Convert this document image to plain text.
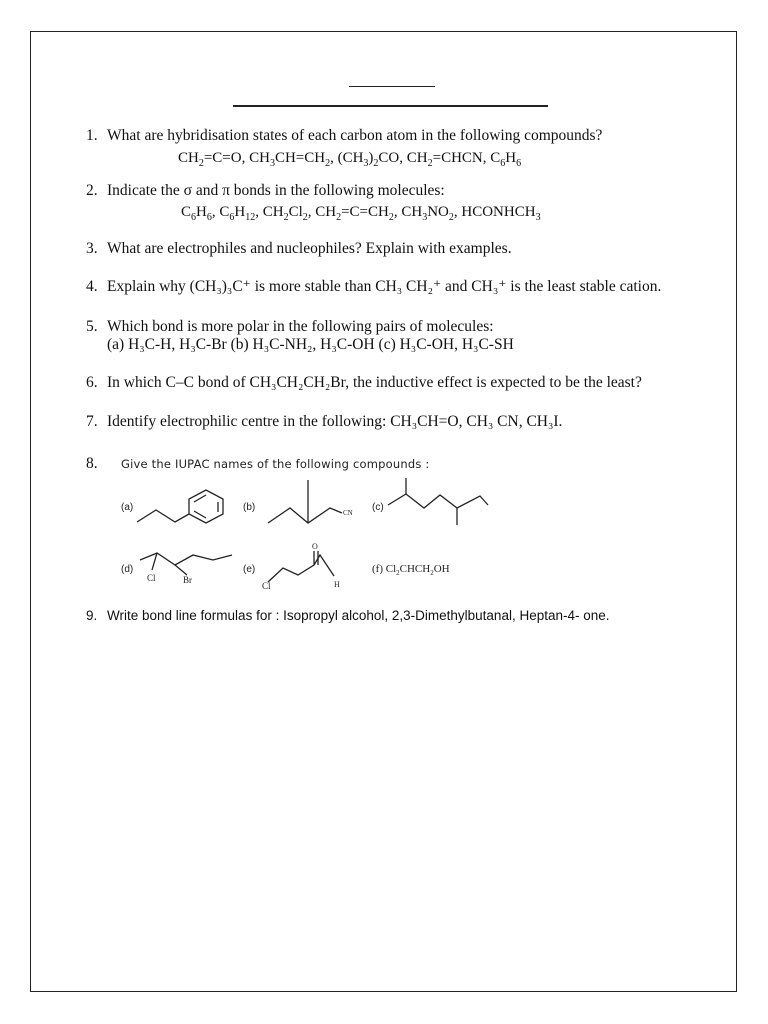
1. What are hybridisation states of each carbon atom in the following compounds?
$CH_2=C=O$, $CH_3CH=CH_2$, $(CH_3)_2CO$, $CH_2=CHCN$, $C_6H_6$
2. Indicate the σ and π bonds in the following molecules:
$C_6H_6$, $C_6H_{12}$, $CH_2Cl_2$, $CH_2=C=CH_2$, $CH_3NO_2$, $HCONHCH_3$
3. What are electrophiles and nucleophiles? Explain with examples.
4. Explain why (CH₃)₃C⁺ is more stable than CH₃ CH₂⁺ and CH₃⁺ is the least stable cation.
5. Which bond is more polar in the following pairs of molecules:
(a) H₃C-H, H₃C-Br (b) H₃C-NH₂, H₃C-OH (c) H₃C-OH, H₃C-SH
6. In which C–C bond of CH₃CH₂CH₂Br, the inductive effect is expected to be the least?
7. Identify electrophilic centre in the following: CH₃CH=O, CH₃ CN, CH₃I.
8. Give the IUPAC names of the following compounds :
CN
Cl	Br
Cl
O
H
(a)	(b)	(c)
(d)	(e)	(f) $Cl_2CHCH_2OH$
9. Write bond line formulas for : Isopropyl alcohol, 2,3-Dimethylbutanal, Heptan-4- one.
